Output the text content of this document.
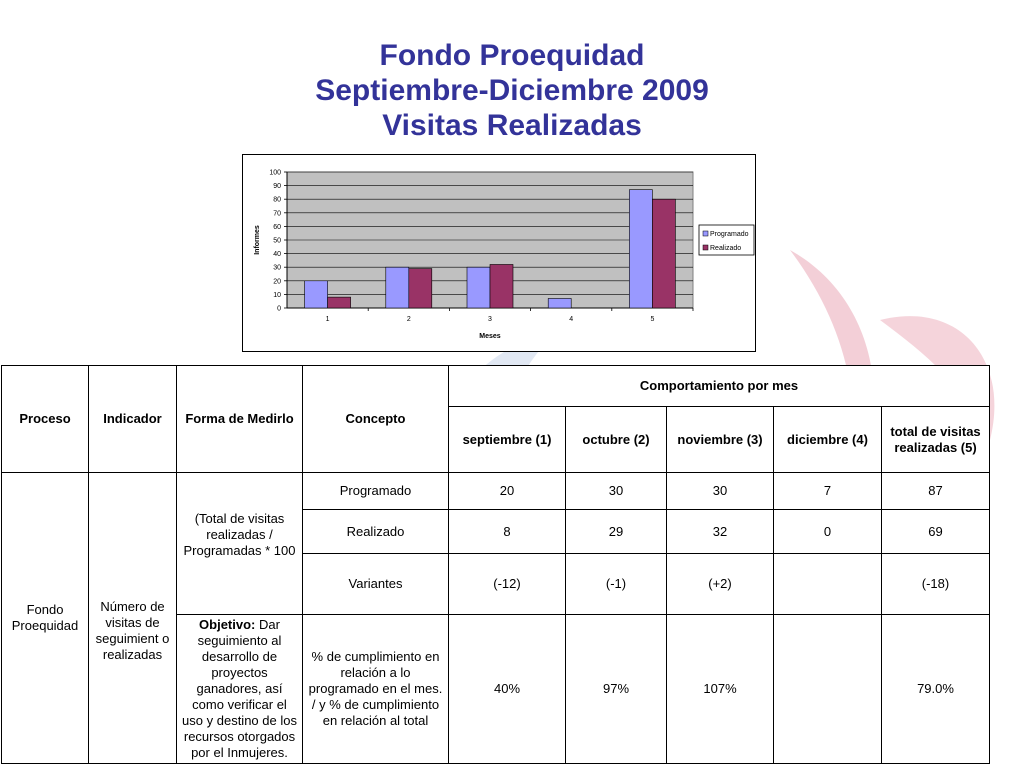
Fondo Proequidad
Septiembre-Diciembre 2009
Visitas Realizadas
0
10
20
30
40
50
60
70
80
90
100
1	2	3	4	5
Meses
Informes	Programado
Realizado
Proceso	Indicador	Forma de Medirlo	Concepto	Comportamiento por mes				
				septiembre (1)	octubre (2)	noviembre (3)	diciembre (4)	total de visitas realizadas (5)
Fondo Proequidad	Número de visitas de seguimient o realizadas	(Total de visitas realizadas / Programadas * 100	Programado	20	30	30	7	87
			Realizado	8	29	32	0	69
			Variantes	(-12)	(-1)	(+2)		(-18)
		Objetivo: Dar seguimiento al desarrollo de proyectos ganadores, así como verificar el uso y destino de los recursos otorgados por el Inmujeres.	% de cumplimiento en relación a lo programado en el mes. / y % de cumplimiento en relación al total	40%	97%	107%		79.0%
